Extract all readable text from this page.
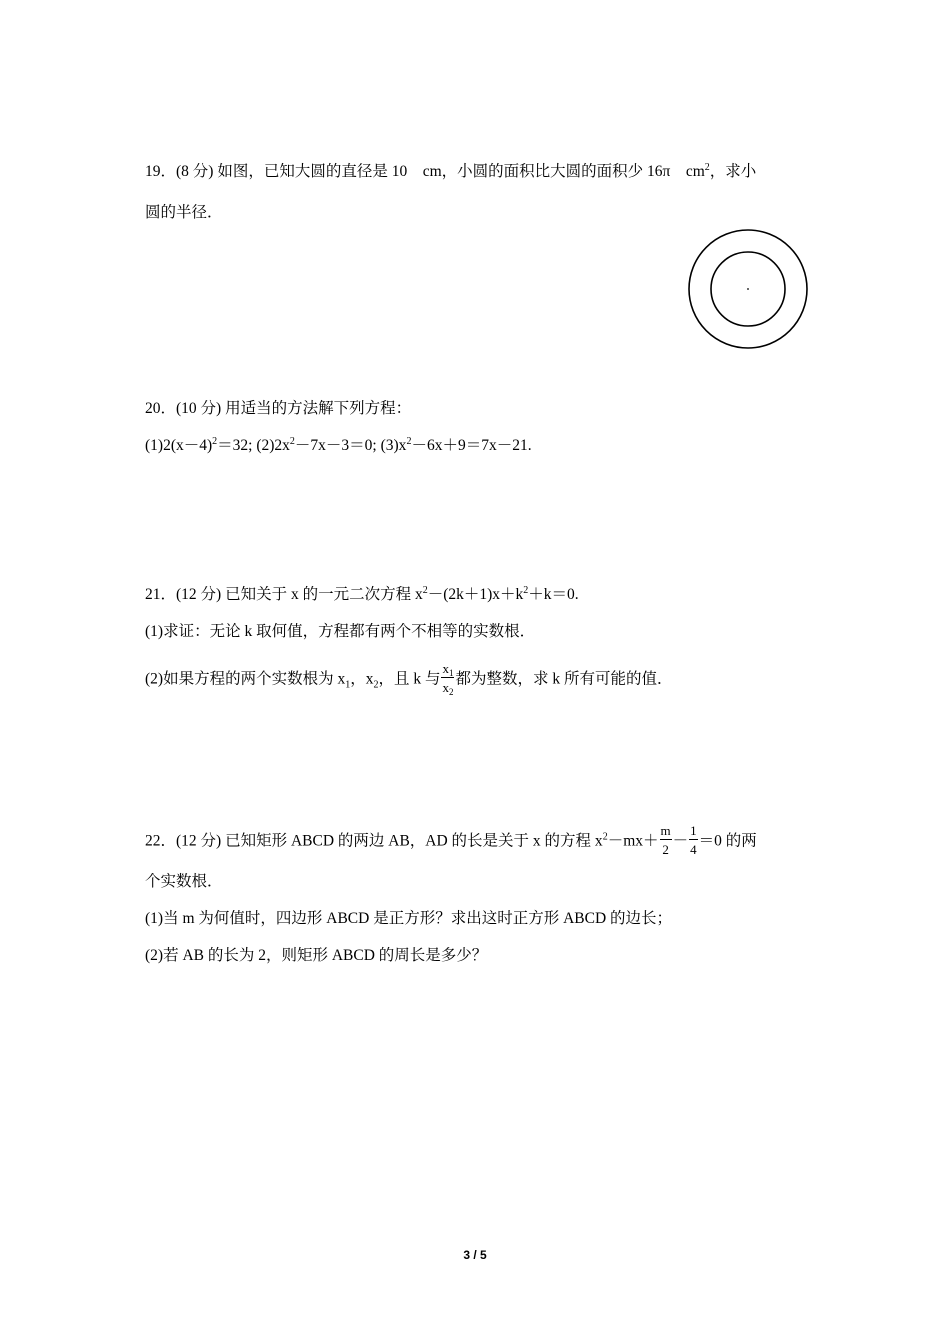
19．(8 分) 如图，已知大圆的直径是 10　cm，小圆的面积比大圆的面积少 16π　$cm^2$，求小
圆的半径．
20．(10 分) 用适当的方法解下列方程：
$(1)2(x-4)^2=32$; $(2)2x^2-7x-3=0$; $(3)x^2-6x+9=7x-21$.
21．(12 分) 已知关于 x 的一元二次方程 $x^2-(2k+1)x+k^2+k=0$.
(1)求证：无论 k 取何值，方程都有两个不相等的实数根．
(2)如果方程的两个实数根为 $x_1$，$x_2$，且 k 与 $\frac{x_1}{x_2}$ 都为整数，求 k 所有可能的值．
22．(12 分) 已知矩形 ABCD 的两边 AB，AD 的长是关于 x 的方程 $x^2-mx+ \frac{m}{2} - \frac{1}{4} =0$ 的两
个实数根．
(1)当 m 为何值时，四边形 ABCD 是正方形？求出这时正方形 ABCD 的边长；
(2)若 AB 的长为 2，则矩形 ABCD 的周长是多少？
3 / 5
